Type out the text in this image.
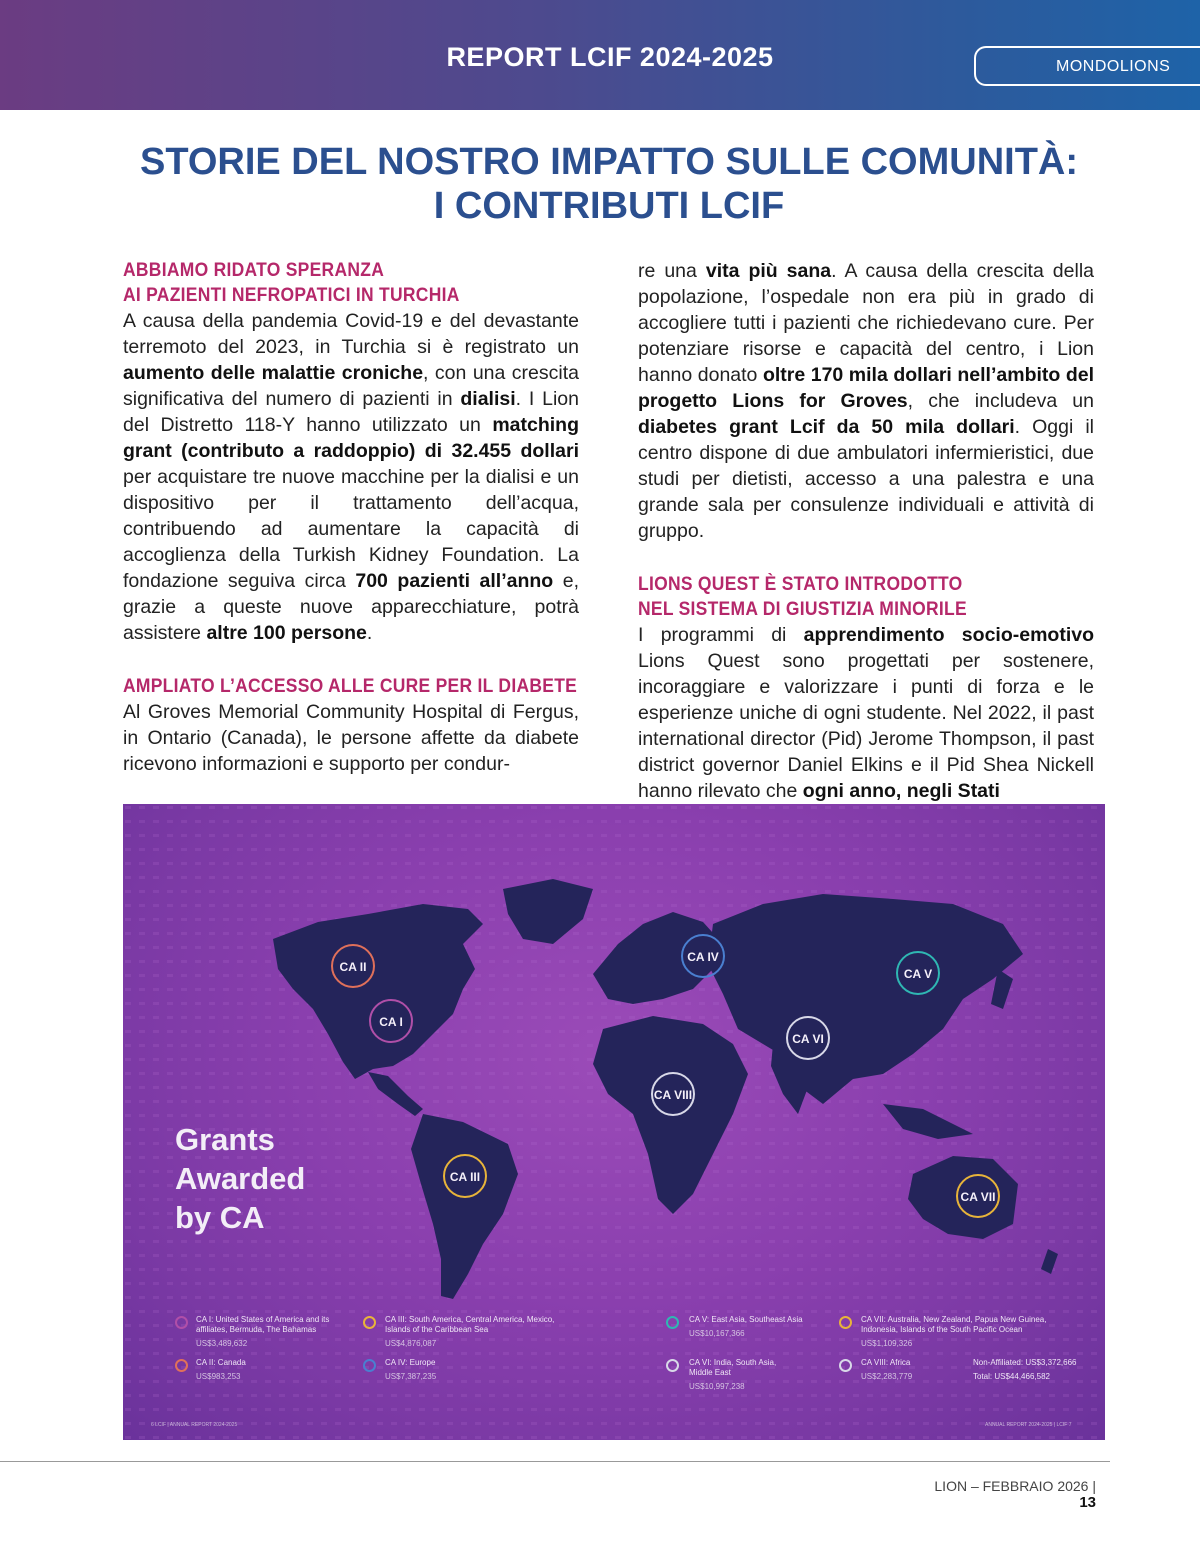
REPORT LCIF 2024-2025	MONDOLIONS
STORIE DEL NOSTRO IMPATTO SULLE COMUNITÀ:
I CONTRIBUTI LCIF
ABBIAMO RIDATO SPERANZA
AI PAZIENTI NEFROPATICI IN TURCHIA

A causa della pandemia Covid-19 e del devastante terremoto del 2023, in Turchia si è registrato un aumento delle malattie croniche, con una crescita significativa del numero di pazienti in dialisi. I Lion del Distretto 118-Y hanno utilizzato un matching grant (contributo a raddoppio) di 32.455 dollari per acquistare tre nuove macchine per la dialisi e un dispositivo per il trattamento dell’acqua, contribuendo ad aumentare la capacità di accoglienza della Turkish Kidney Foundation. La fondazione seguiva circa 700 pazienti all’anno e, grazie a queste nuove apparecchiature, potrà assistere altre 100 persone.

AMPLIATO L’ACCESSO ALLE CURE PER IL DIABETE

Al Groves Memorial Community Hospital di Fergus, in Ontario (Canada), le persone affette da diabete ricevono informazioni e supporto per condur-

re una vita più sana. A causa della crescita della popolazione, l’ospedale non era più in grado di accogliere tutti i pazienti che richiedevano cure. Per potenziare risorse e capacità del centro, i Lion hanno donato oltre 170 mila dollari nell’ambito del progetto Lions for Groves, che includeva un diabetes grant Lcif da 50 mila dollari. Oggi il centro dispone di due ambulatori infermieristici, due studi per dietisti, accesso a una palestra e una grande sala per consulenze individuali e attività di gruppo.

LIONS QUEST È STATO INTRODOTTO
NEL SISTEMA DI GIUSTIZIA MINORILE

I programmi di apprendimento socio-emotivo Lions Quest sono progettati per sostenere, incoraggiare e valorizzare i punti di forza e le esperienze uniche di ogni studente. Nel 2022, il past international director (Pid) Jerome Thompson, il past district governor Daniel Elkins e il Pid Shea Nickell hanno rilevato che ogni anno, negli Stati

CA II
CA I
CA III
CA IV
CA VIII
CA VI
CA V
CA VII
Grants
Awarded
by CA
CA I: United States of America and its affiliates, Bermuda, The Bahamas
US$3,489,632
CA II: Canada
US$983,253
CA III: South America, Central America, Mexico, Islands of the Caribbean Sea
US$4,876,087
CA IV: Europe
US$7,387,235
CA V: East Asia, Southeast Asia
US$10,167,366
CA VI: India, South Asia, Middle East
US$10,997,238
CA VII: Australia, New Zealand, Papua New Guinea, Indonesia, Islands of the South Pacific Ocean
US$1,109,326
CA VIII: Africa
US$2,283,779
Non-Affiliated: US$3,372,666
Total: US$44,466,582
6 LCIF | ANNUAL REPORT 2024-2025	ANNUAL REPORT 2024-2025 | LCIF 7
LION – FEBBRAIO 2026 | 13
